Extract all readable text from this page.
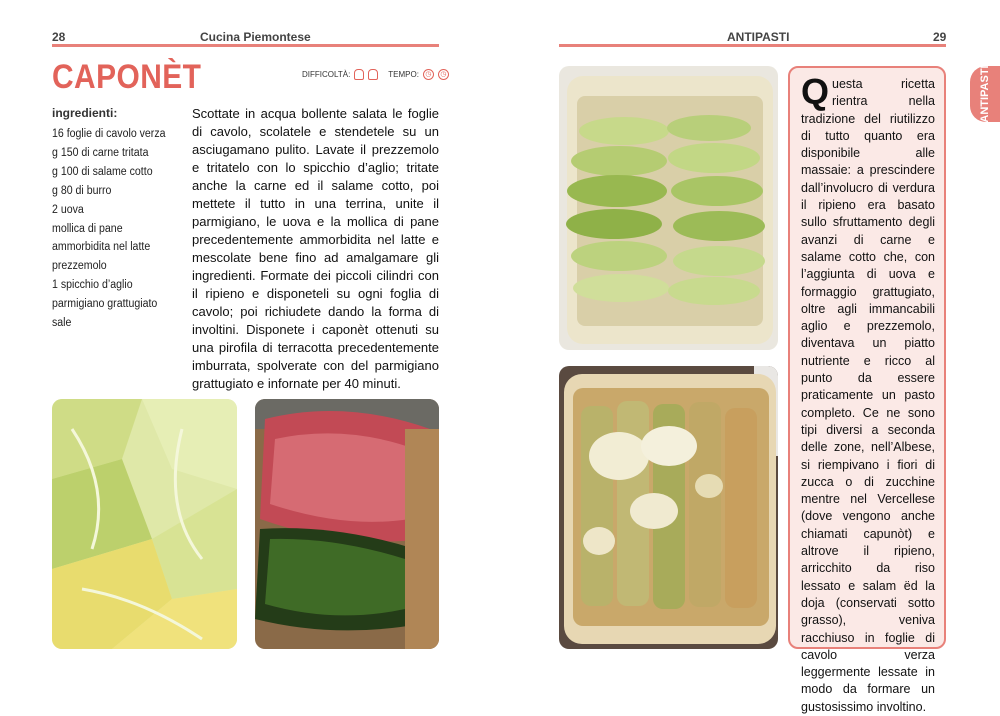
28	Cucina Piemontese
CAPONÈT	DIFFICOLTÀ:	TEMPO: ◷	◷
ingredienti:
16 foglie di cavolo verza
g 150 di carne tritata
g 100 di salame cotto
g 80 di burro
2 uova
mollica di pane ammorbidita nel latte
prezzemolo
1 spicchio d’aglio
parmigiano grattugiato
sale
Scottate in acqua bollente salata le foglie di cavolo, scolatele e stendetele su un asciugamano pulito. Lavate il prezzemolo e tritatelo con lo spicchio d’aglio; tritate anche la carne ed il salame cotto, poi mettete il tutto in una terrina, unite il parmigiano, le uova e la mollica di pane precedentemente ammorbidita nel latte e mescolate bene fino ad amalgamare gli ingredienti. Formate dei piccoli cilindri con il ripieno e disponeteli su ogni foglia di cavolo; poi richiudete dando la forma di involtini. Disponete i caponèt ottenuti su una pirofila di terracotta precedentemente imburrata, spolverate con del parmigiano grattugiato e infornate per 40 minuti.
ANTIPASTI	29
ANTIPASTI
Questa ricetta rientra nella tradizione del riutilizzo di tutto quanto era disponibile alle massaie: a prescindere dall’involucro di verdura il ripieno era basato sullo sfruttamento degli avanzi di carne e salame cotto che, con l’aggiunta di uova e formaggio grattugiato, oltre agli immancabili aglio e prezzemolo, diventava un piatto nutriente e ricco al punto da essere praticamente un pasto completo. Ce ne sono tipi diversi a seconda delle zone, nell’Albese, si riempivano i fiori di zucca o di zucchine mentre nel Vercellese (dove vengono anche chiamati capunòt) e altrove il ripieno, arricchito da riso lessato e salam ëd la doja (conservati sotto grasso), veniva racchiuso in foglie di cavolo verza leggermente lessate in modo da formare un gustosissimo involtino.
